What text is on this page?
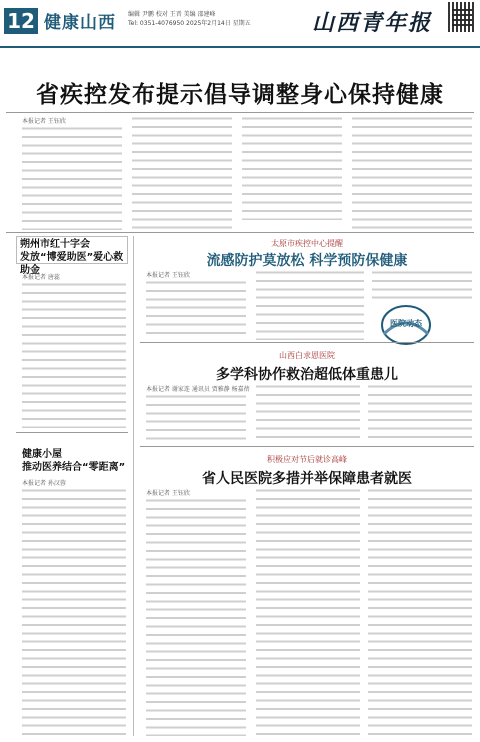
12 健康山西 编辑 尹鹏 校对 王晋 美编 邵建峰
Tel: 0351-4076950 2025年2月14日 星期五	山西青年报
省疾控发布提示倡导调整身心保持健康
本报记者 王钰欣
朔州市红十字会
发放“博爱助医”爱心救助金
本报记者 唐蕊
健康小屋
推动医养结合“零距离”
本报记者 孙汉蓉
太原市疾控中心提醒
流感防护莫放松 科学预防保健康
本报记者 王钰欣
医院动态
山西白求恩医院
多学科协作救治超低体重患儿
本报记者 谢家连 通讯员 贾雅静 杨嘉蓓
积极应对节后就诊高峰
省人民医院多措并举保障患者就医
本报记者 王钰欣
